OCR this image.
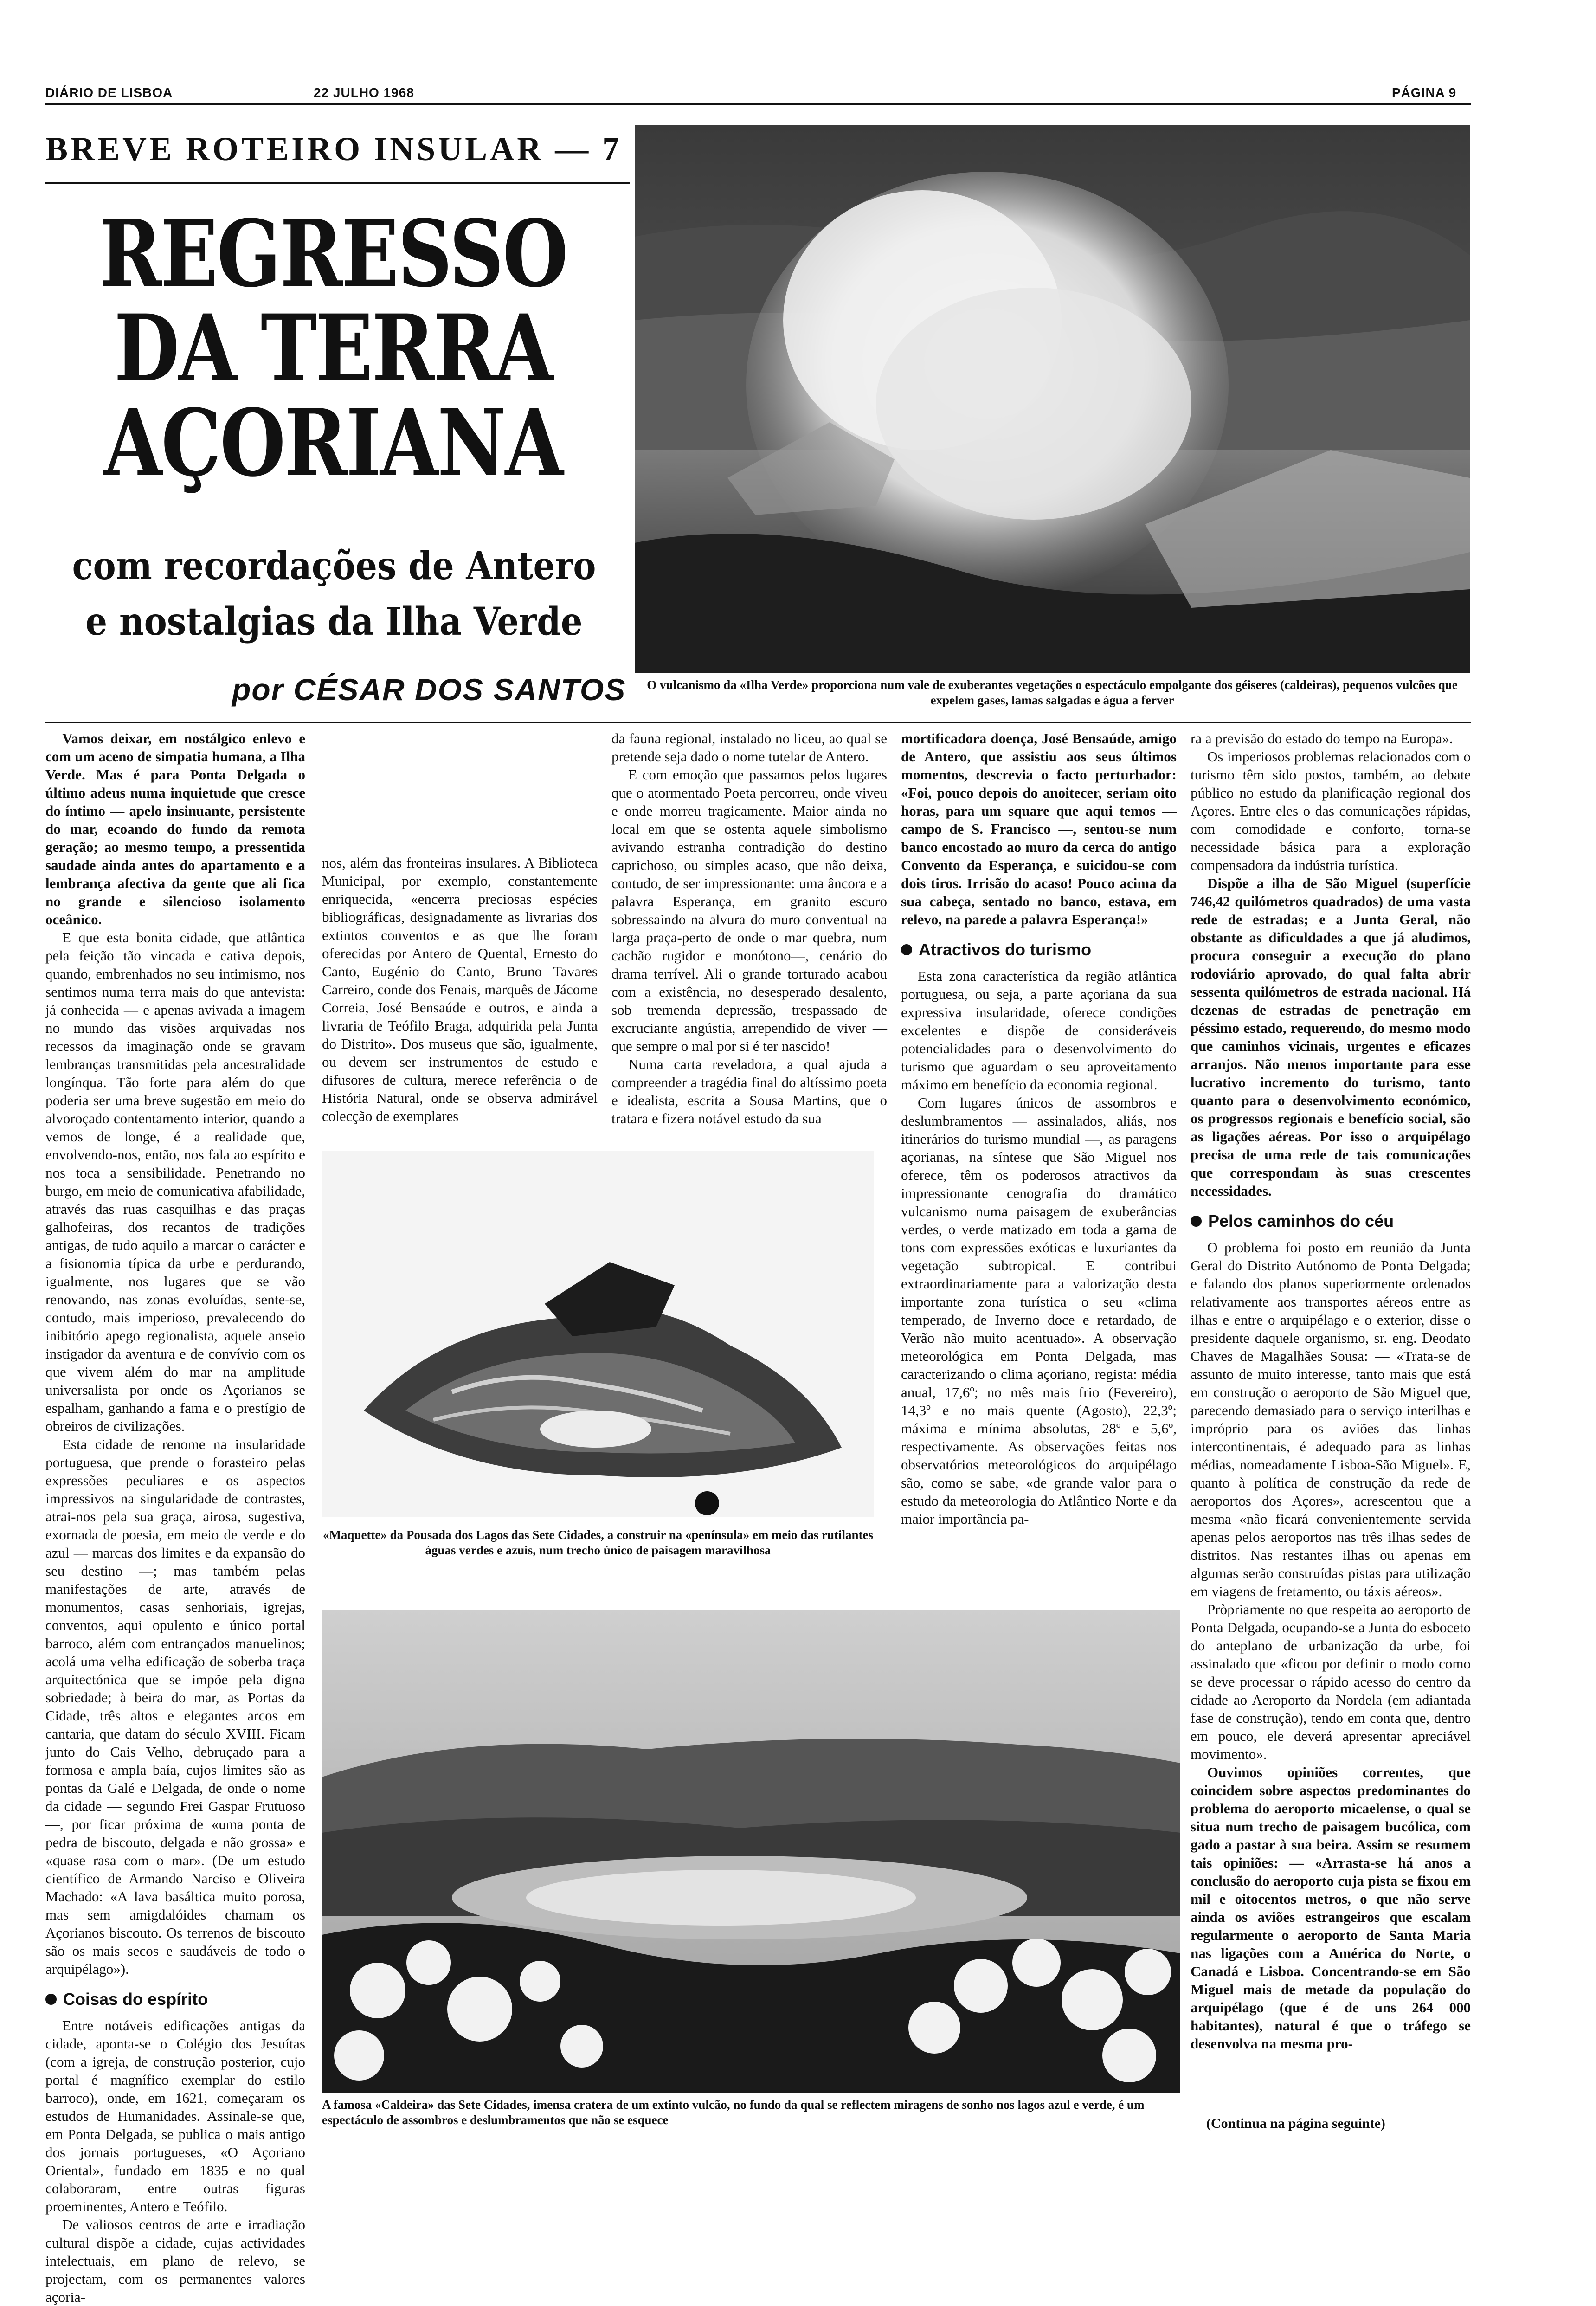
DIÁRIO DE LISBOA	22 JULHO 1968	PÁGINA 9
BREVE ROTEIRO INSULAR — 7
REGRESSO
DA TERRA
AÇORIANA
com recordações de Antero
e nostalgias da Ilha Verde
por CÉSAR DOS SANTOS	O vulcanismo da «Ilha Verde» proporciona num vale de exuberantes vegetações o espectáculo empolgante dos géiseres (caldeiras), pequenos vulcões que expelem gases, lamas salgadas e água a ferver

Vamos deixar, em nostálgico enlevo e com um aceno de simpatia humana, a Ilha Verde. Mas é para Ponta Delgada o último adeus numa inquietude que cresce do íntimo — apelo insinuante, persistente do mar, ecoando do fundo da remota geração; ao mesmo tempo, a pressentida saudade ainda antes do apartamento e a lembrança afectiva da gente que ali fica no grande e silencioso isolamento oceânico.

E que esta bonita cidade, que atlântica pela feição tão vincada e cativa depois, quando, embrenhados no seu intimismo, nos sentimos numa terra mais do que antevista: já conhecida — e apenas avivada a imagem no mundo das visões arquivadas nos recessos da imaginação onde se gravam lembranças transmitidas pela ancestralidade longínqua. Tão forte para além do que poderia ser uma breve sugestão em meio do alvoroçado contentamento interior, quando a vemos de longe, é a realidade que, envolvendo-nos, então, nos fala ao espírito e nos toca a sensibilidade. Penetrando no burgo, em meio de comunicativa afabilidade, através das ruas casquilhas e das praças galhofeiras, dos recantos de tradições antigas, de tudo aquilo a marcar o carácter e a fisionomia típica da urbe e perdurando, igualmente, nos lugares que se vão renovando, nas zonas evoluídas, sente-se, contudo, mais imperioso, prevalecendo do inibitório apego regionalista, aquele anseio instigador da aventura e de convívio com os que vivem além do mar na amplitude universalista por onde os Açorianos se espalham, ganhando a fama e o prestígio de obreiros de civilizações.

Esta cidade de renome na insularidade portuguesa, que prende o forasteiro pelas expressões peculiares e os aspectos impressivos na singularidade de contrastes, atrai-nos pela sua graça, airosa, sugestiva, exornada de poesia, em meio de verde e do azul — marcas dos limites e da expansão do seu destino —; mas também pelas manifestações de arte, através de monumentos, casas senhoriais, igrejas, conventos, aqui opulento e único portal barroco, além com entrançados manuelinos; acolá uma velha edificação de soberba traça arquitectónica que se impõe pela digna sobriedade; à beira do mar, as Portas da Cidade, três altos e elegantes arcos em cantaria, que datam do século XVIII. Ficam junto do Cais Velho, debruçado para a formosa e ampla baía, cujos limites são as pontas da Galé e Delgada, de onde o nome da cidade — segundo Frei Gaspar Frutuoso —, por ficar próxima de «uma ponta de pedra de biscouto, delgada e não grossa» e «quase rasa com o mar». (De um estudo científico de Armando Narciso e Oliveira Machado: «A lava basáltica muito porosa, mas sem amigdalóides chamam os Açorianos biscouto. Os terrenos de biscouto são os mais secos e saudáveis de todo o arquipélago»).

Coisas do espírito

Entre notáveis edificações antigas da cidade, aponta-se o Colégio dos Jesuítas (com a igreja, de construção posterior, cujo portal é magnífico exemplar do estilo barroco), onde, em 1621, começaram os estudos de Humanidades. Assinale-se que, em Ponta Delgada, se publica o mais antigo dos jornais portugueses, «O Açoriano Oriental», fundado em 1835 e no qual colaboraram, entre outras figuras proeminentes, Antero e Teófilo.

De valiosos centros de arte e irradiação cultural dispõe a cidade, cujas actividades intelectuais, em plano de relevo, se projectam, com os permanentes valores açoria-

nos, além das fronteiras insulares. A Biblioteca Municipal, por exemplo, constantemente enriquecida, «encerra preciosas espécies bibliográficas, designadamente as livrarias dos extintos conventos e as que lhe foram oferecidas por Antero de Quental, Ernesto do Canto, Eugénio do Canto, Bruno Tavares Carreiro, conde dos Fenais, marquês de Jácome Correia, José Bensaúde e outros, e ainda a livraria de Teófilo Braga, adquirida pela Junta do Distrito». Dos museus que são, igualmente, ou devem ser instrumentos de estudo e difusores de cultura, merece referência o de História Natural, onde se observa admirável colecção de exemplares

da fauna regional, instalado no liceu, ao qual se pretende seja dado o nome tutelar de Antero.

E com emoção que passamos pelos lugares que o atormentado Poeta percorreu, onde viveu e onde morreu tragicamente. Maior ainda no local em que se ostenta aquele simbolismo avivando estranha contradição do destino caprichoso, ou simples acaso, que não deixa, contudo, de ser impressionante: uma âncora e a palavra Esperança, em granito escuro sobressaindo na alvura do muro conventual na larga praça-perto de onde o mar quebra, num cachão rugidor e monótono—, cenário do drama terrível. Ali o grande torturado acabou com a existência, no desesperado desalento, sob tremenda depressão, trespassado de excruciante angústia, arrependido de viver — que sempre o mal por si é ter nascido!

Numa carta reveladora, a qual ajuda a compreender a tragédia final do altíssimo poeta e idealista, escrita a Sousa Martins, que o tratara e fizera notável estudo da sua

mortificadora doença, José Bensaúde, amigo de Antero, que assistiu aos seus últimos momentos, descrevia o facto perturbador: «Foi, pouco depois do anoitecer, seriam oito horas, para um square que aqui temos — campo de S. Francisco —, sentou-se num banco encostado ao muro da cerca do antigo Convento da Esperança, e suicidou-se com dois tiros. Irrisão do acaso! Pouco acima da sua cabeça, sentado no banco, estava, em relevo, na parede a palavra Esperança!»

Atractivos do turismo

Esta zona característica da região atlântica portuguesa, ou seja, a parte açoriana da sua expressiva insularidade, oferece condições excelentes e dispõe de consideráveis potencialidades para o desenvolvimento do turismo que aguardam o seu aproveitamento máximo em benefício da economia regional.

Com lugares únicos de assombros e deslumbramentos — assinalados, aliás, nos itinerários do turismo mundial —, as paragens açorianas, na síntese que São Miguel nos oferece, têm os poderosos atractivos da impressionante cenografia do dramático vulcanismo numa paisagem de exuberâncias verdes, o verde matizado em toda a gama de tons com expressões exóticas e luxuriantes da vegetação subtropical. E contribui extraordinariamente para a valorização desta importante zona turística o seu «clima temperado, de Inverno doce e retardado, de Verão não muito acentuado». A observação meteorológica em Ponta Delgada, mas caracterizando o clima açoriano, regista: média anual, 17,6º; no mês mais frio (Fevereiro), 14,3º e no mais quente (Agosto), 22,3º; máxima e mínima absolutas, 28º e 5,6º, respectivamente. As observações feitas nos observatórios meteorológicos do arquipélago são, como se sabe, «de grande valor para o estudo da meteorologia do Atlântico Norte e da maior importância pa-

ra a previsão do estado do tempo na Europa».

Os imperiosos problemas relacionados com o turismo têm sido postos, também, ao debate público no estudo da planificação regional dos Açores. Entre eles o das comunicações rápidas, com comodidade e conforto, torna-se necessidade básica para a exploração compensadora da indústria turística.

Dispõe a ilha de São Miguel (superfície 746,42 quilómetros quadrados) de uma vasta rede de estradas; e a Junta Geral, não obstante as dificuldades a que já aludimos, procura conseguir a execução do plano rodoviário aprovado, do qual falta abrir sessenta quilómetros de estrada nacional. Há dezenas de estradas de penetração em péssimo estado, requerendo, do mesmo modo que caminhos vicinais, urgentes e eficazes arranjos. Não menos importante para esse lucrativo incremento do turismo, tanto quanto para o desenvolvimento económico, os progressos regionais e benefício social, são as ligações aéreas. Por isso o arquipélago precisa de uma rede de tais comunicações que correspondam às suas crescentes necessidades.

Pelos caminhos do céu

O problema foi posto em reunião da Junta Geral do Distrito Autónomo de Ponta Delgada; e falando dos planos superiormente ordenados relativamente aos transportes aéreos entre as ilhas e entre o arquipélago e o exterior, disse o presidente daquele organismo, sr. eng. Deodato Chaves de Magalhães Sousa: — «Trata-se de assunto de muito interesse, tanto mais que está em construção o aeroporto de São Miguel que, parecendo demasiado para o serviço interilhas e impróprio para os aviões das linhas intercontinentais, é adequado para as linhas médias, nomeadamente Lisboa-São Miguel». E, quanto à política de construção da rede de aeroportos dos Açores», acrescentou que a mesma «não ficará convenientemente servida apenas pelos aeroportos nas três ilhas sedes de distritos. Nas restantes ilhas ou apenas em algumas serão construídas pistas para utilização em viagens de fretamento, ou táxis aéreos».

Pròpriamente no que respeita ao aeroporto de Ponta Delgada, ocupando-se a Junta do esboceto do anteplano de urbanização da urbe, foi assinalado que «ficou por definir o modo como se deve processar o rápido acesso do centro da cidade ao Aeroporto da Nordela (em adiantada fase de construção), tendo em conta que, dentro em pouco, ele deverá apresentar apreciável movimento».

Ouvimos opiniões correntes, que coincidem sobre aspectos predominantes do problema do aeroporto micaelense, o qual se situa num trecho de paisagem bucólica, com gado a pastar à sua beira. Assim se resumem tais opiniões: — «Arrasta-se há anos a conclusão do aeroporto cuja pista se fixou em mil e oitocentos metros, o que não serve ainda os aviões estrangeiros que escalam regularmente o aeroporto de Santa Maria nas ligações com a América do Norte, o Canadá e Lisboa. Concentrando-se em São Miguel mais de metade da população do arquipélago (que é de uns 264 000 habitantes), natural é que o tráfego se desenvolva na mesma pro-

(Continua na página seguinte)
«Maquette» da Pousada dos Lagos das Sete Cidades, a construir na «península» em meio das rutilantes águas verdes e azuis, num trecho único de paisagem maravilhosa
A famosa «Caldeira» das Sete Cidades, imensa cratera de um extinto vulcão, no fundo da qual se reflectem miragens de sonho nos lagos azul e verde, é um espectáculo de assombros e deslumbramentos que não se esquece
